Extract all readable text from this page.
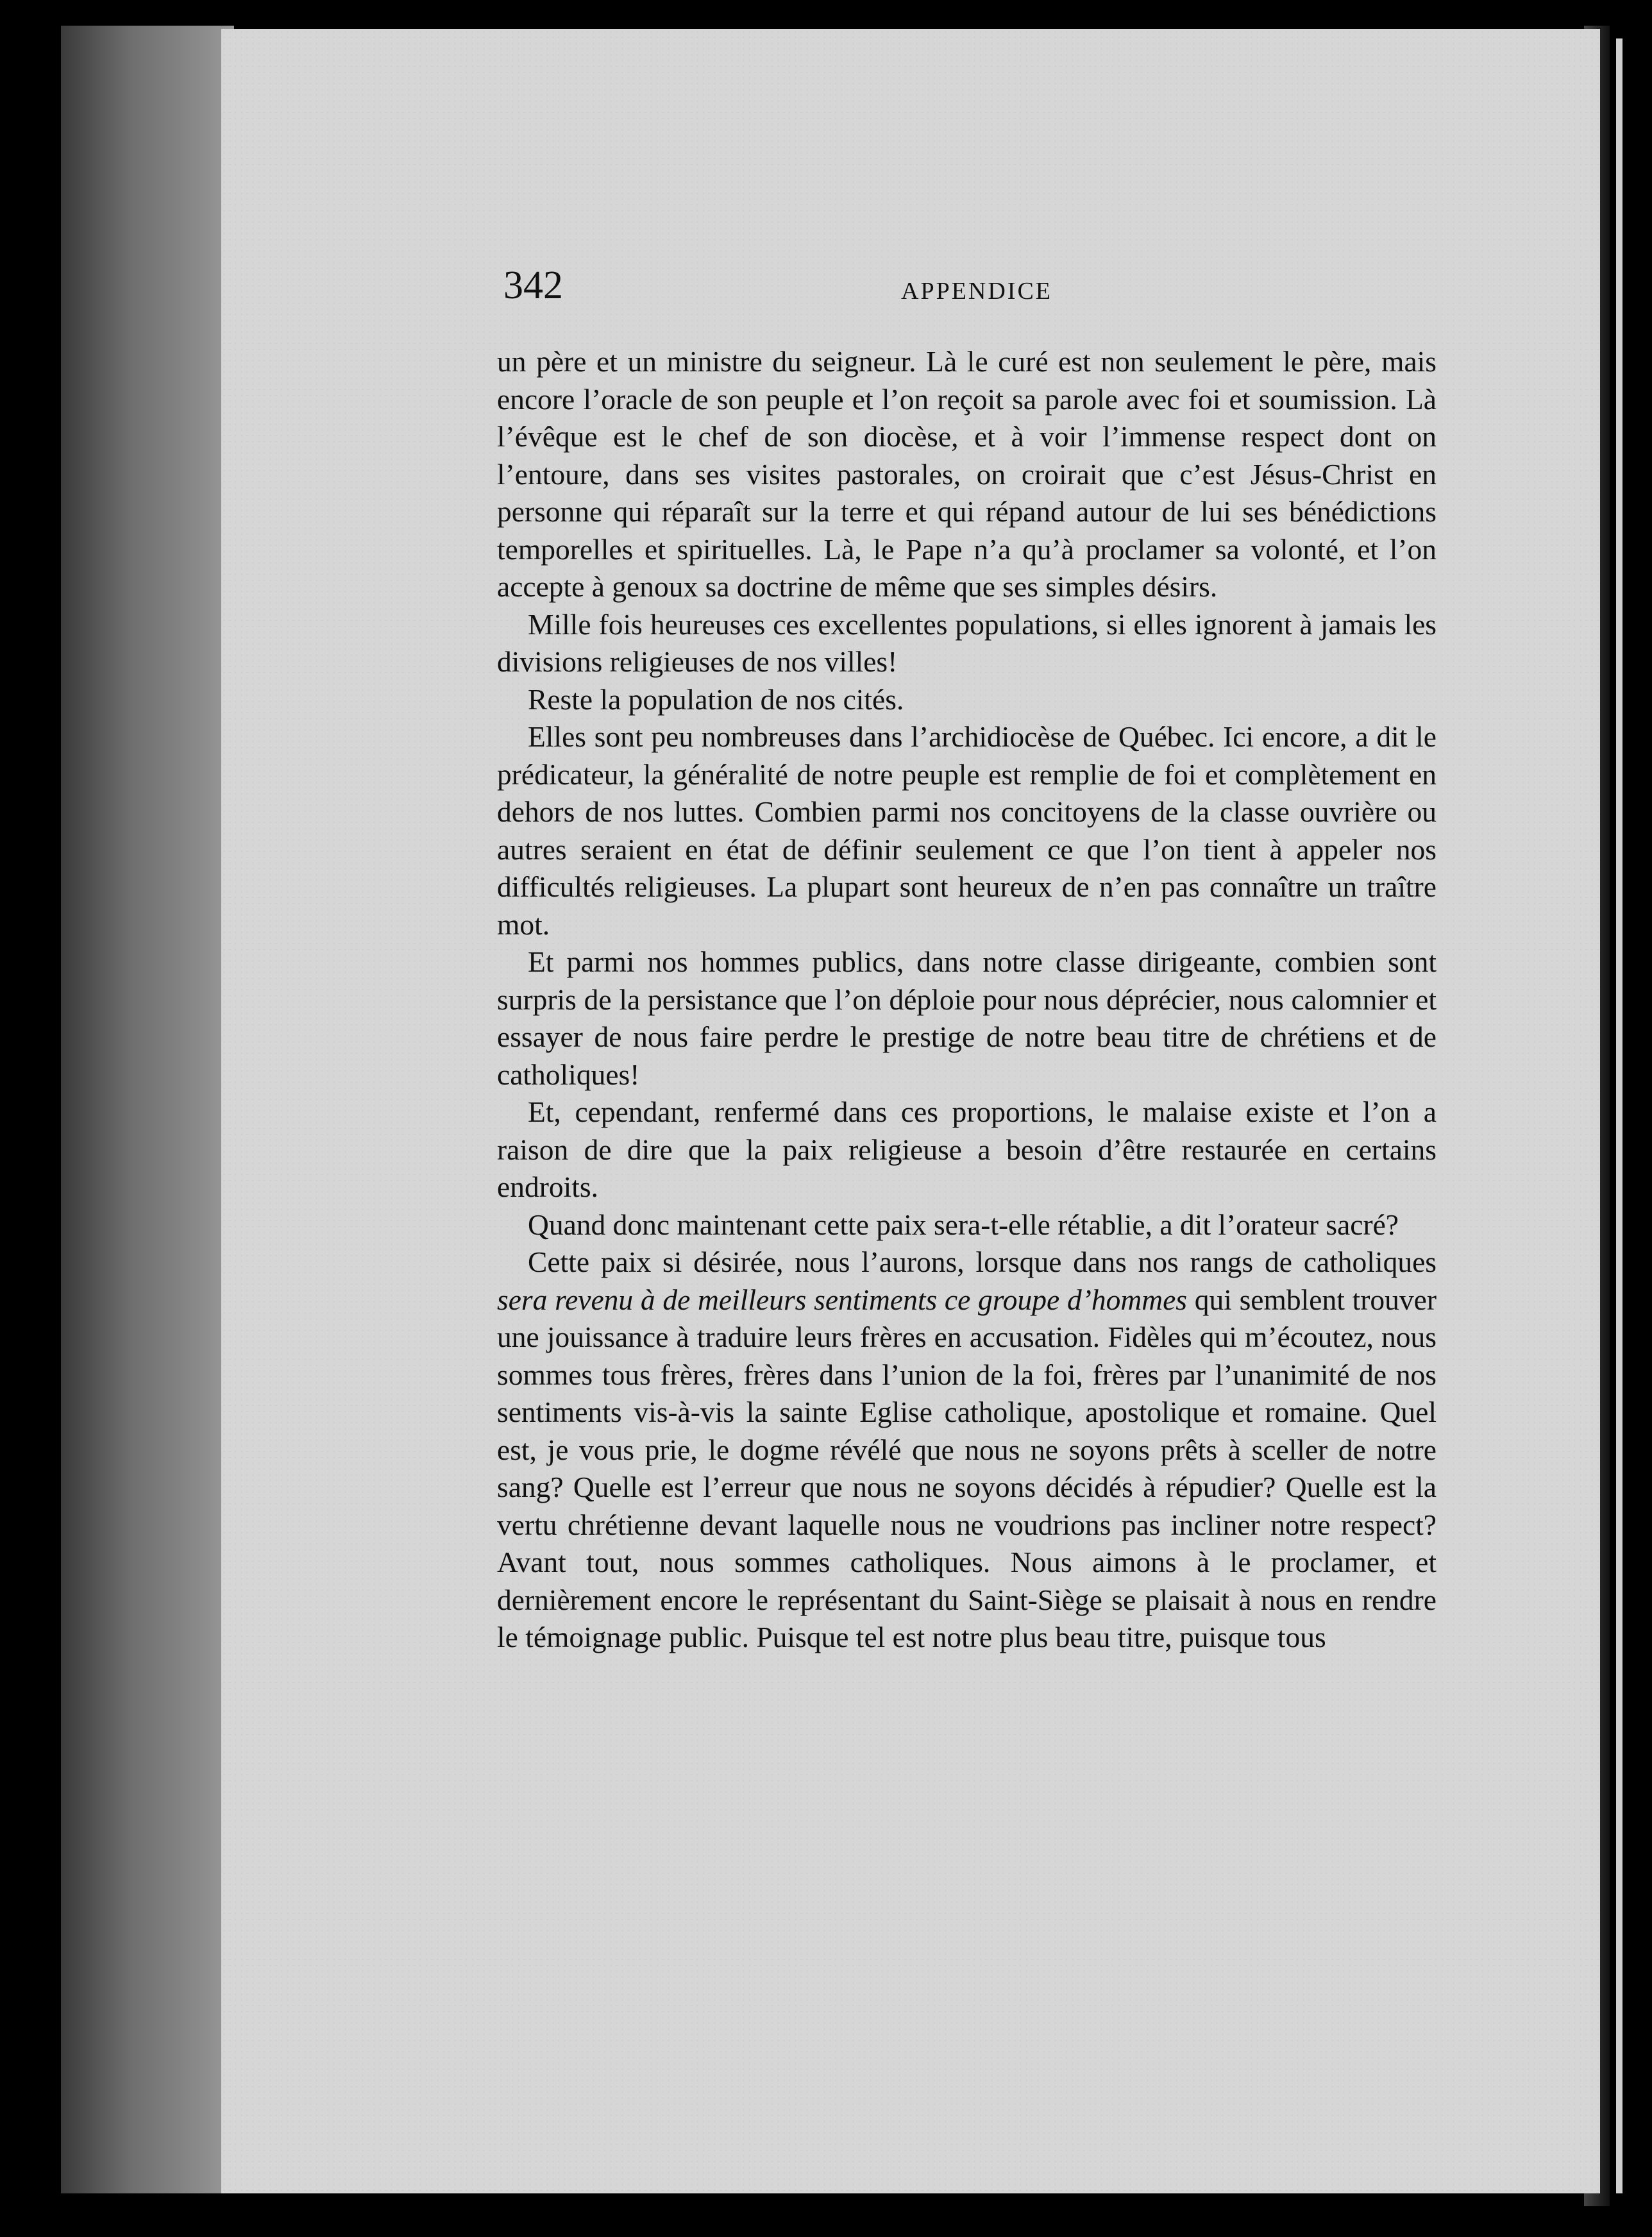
342	APPENDICE

un père et un ministre du seigneur. Là le curé est non seulement le père, mais encore l’oracle de son peuple et l’on reçoit sa parole avec foi et soumission. Là l’évêque est le chef de son diocèse, et à voir l’immense respect dont on l’entoure, dans ses visites pastorales, on croirait que c’est Jésus-Christ en personne qui réparaît sur la terre et qui répand autour de lui ses bénédictions temporelles et spirituelles. Là, le Pape n’a qu’à proclamer sa volonté, et l’on accepte à genoux sa doctrine de même que ses simples désirs.

Mille fois heureuses ces excellentes populations, si elles ignorent à jamais les divisions religieuses de nos villes!

Reste la population de nos cités.

Elles sont peu nombreuses dans l’archidiocèse de Québec. Ici encore, a dit le prédicateur, la généralité de notre peuple est remplie de foi et complètement en dehors de nos luttes. Combien parmi nos concitoyens de la classe ouvrière ou autres seraient en état de définir seulement ce que l’on tient à appeler nos difficultés religieuses. La plupart sont heureux de n’en pas connaître un traître mot.

Et parmi nos hommes publics, dans notre classe dirigeante, combien sont surpris de la persistance que l’on déploie pour nous déprécier, nous calomnier et essayer de nous faire perdre le prestige de notre beau titre de chrétiens et de catholiques!

Et, cependant, renfermé dans ces proportions, le malaise existe et l’on a raison de dire que la paix religieuse a besoin d’être restaurée en certains endroits.

Quand donc maintenant cette paix sera-t-elle rétablie, a dit l’orateur sacré?

Cette paix si désirée, nous l’aurons, lorsque dans nos rangs de catholiques sera revenu à de meilleurs sentiments ce groupe d’hommes qui semblent trouver une jouissance à traduire leurs frères en accusation. Fidèles qui m’écoutez, nous sommes tous frères, frères dans l’union de la foi, frères par l’unanimité de nos sentiments vis-à-vis la sainte Eglise catholique, apostolique et romaine. Quel est, je vous prie, le dogme révélé que nous ne soyons prêts à sceller de notre sang? Quelle est l’erreur que nous ne soyons décidés à répudier? Quelle est la vertu chrétienne devant laquelle nous ne voudrions pas incliner notre respect? Avant tout, nous sommes catholiques. Nous aimons à le proclamer, et dernièrement encore le représentant du Saint-Siège se plaisait à nous en rendre le témoignage public. Puisque tel est notre plus beau titre, puisque tous
